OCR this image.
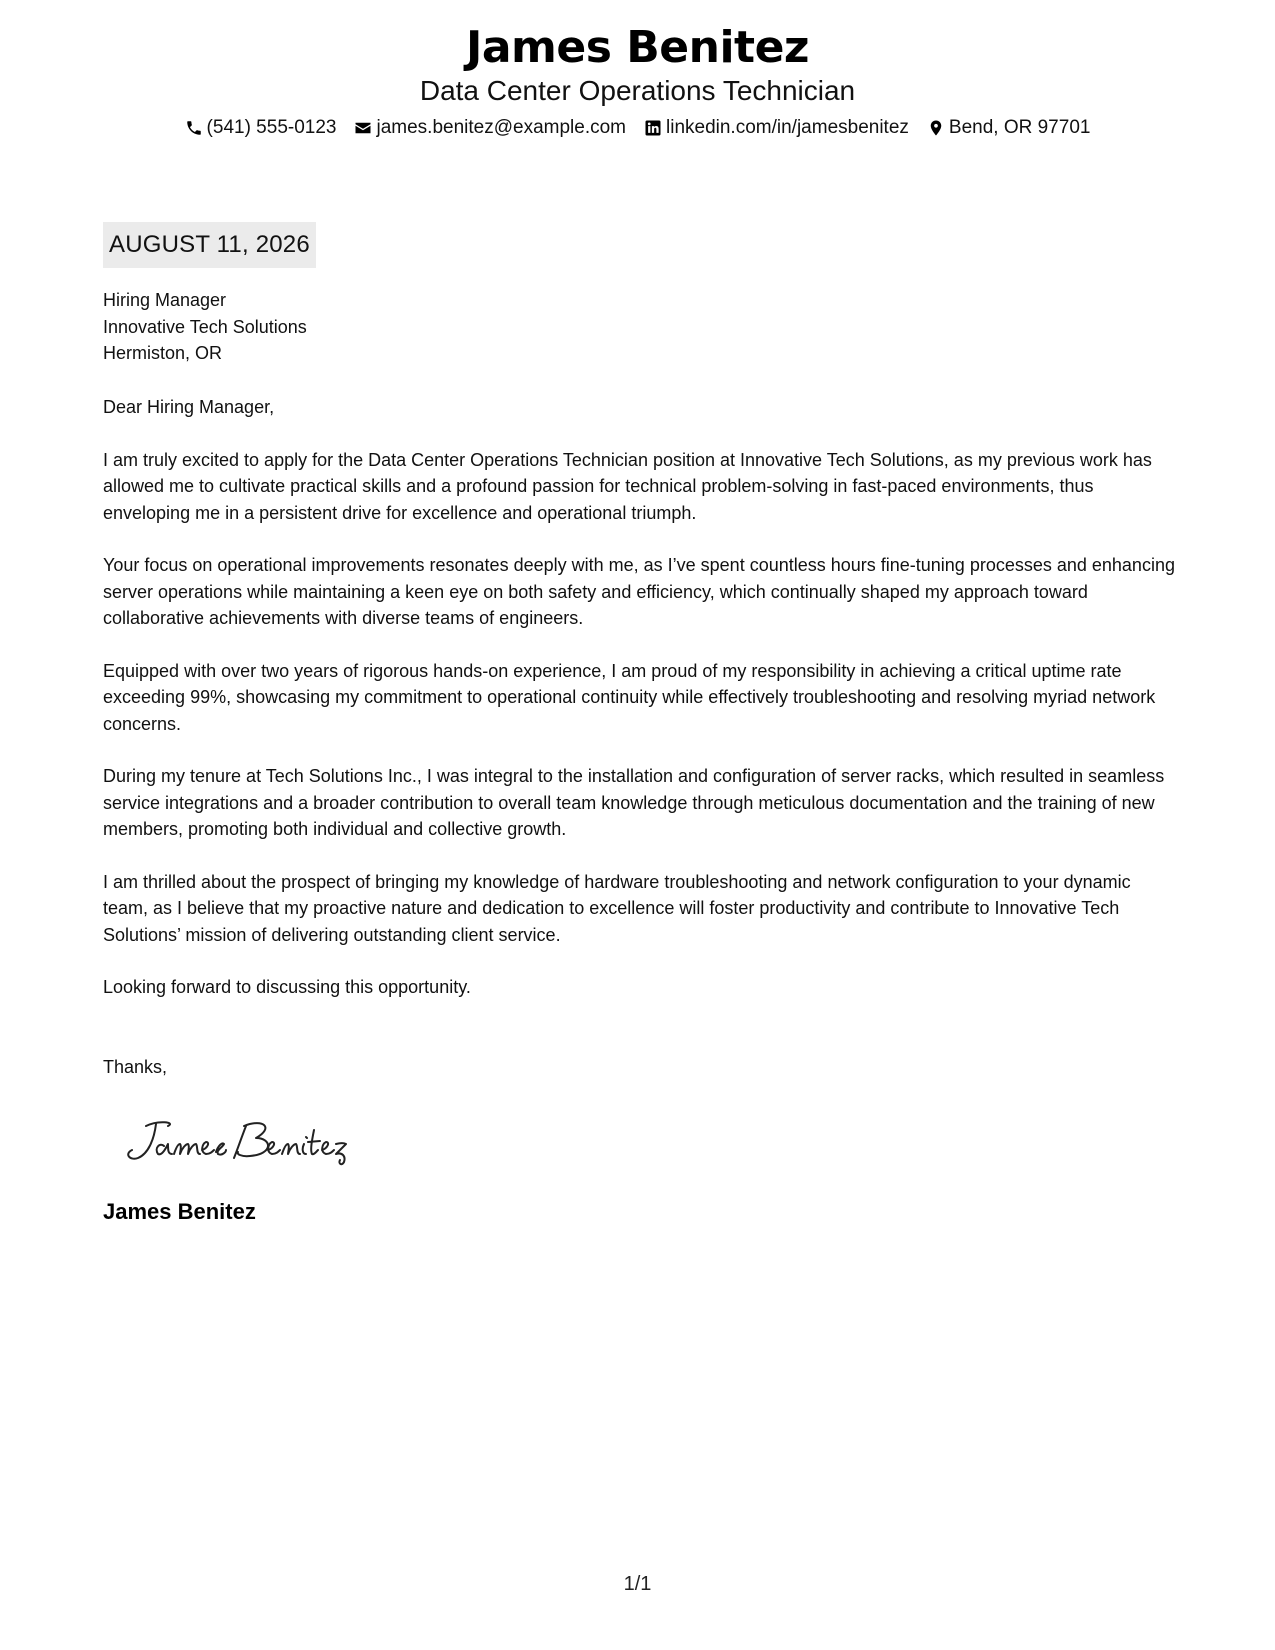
James Benitez
Data Center Operations Technician
(541) 555-0123 james.benitez@example.com linkedin.com/in/jamesbenitez Bend, OR 97701
AUGUST 11, 2026
Hiring Manager
Innovative Tech Solutions
Hermiston, OR

Dear Hiring Manager,

I am truly excited to apply for the Data Center Operations Technician position at Innovative Tech Solutions, as my previous work has allowed me to cultivate practical skills and a profound passion for technical problem-solving in fast-paced environments, thus enveloping me in a persistent drive for excellence and operational triumph.

Your focus on operational improvements resonates deeply with me, as I’ve spent countless hours fine-tuning processes and enhancing server operations while maintaining a keen eye on both safety and efficiency, which continually shaped my approach toward collaborative achievements with diverse teams of engineers.

Equipped with over two years of rigorous hands-on experience, I am proud of my responsibility in achieving a critical uptime rate exceeding 99%, showcasing my commitment to operational continuity while effectively troubleshooting and resolving myriad network concerns.

During my tenure at Tech Solutions Inc., I was integral to the installation and configuration of server racks, which resulted in seamless service integrations and a broader contribution to overall team knowledge through meticulous documentation and the training of new members, promoting both individual and collective growth.

I am thrilled about the prospect of bringing my knowledge of hardware troubleshooting and network configuration to your dynamic team, as I believe that my proactive nature and dedication to excellence will foster productivity and contribute to Innovative Tech Solutions’ mission of delivering outstanding client service.

Looking forward to discussing this opportunity.

Thanks,
James Benitez
1/1
